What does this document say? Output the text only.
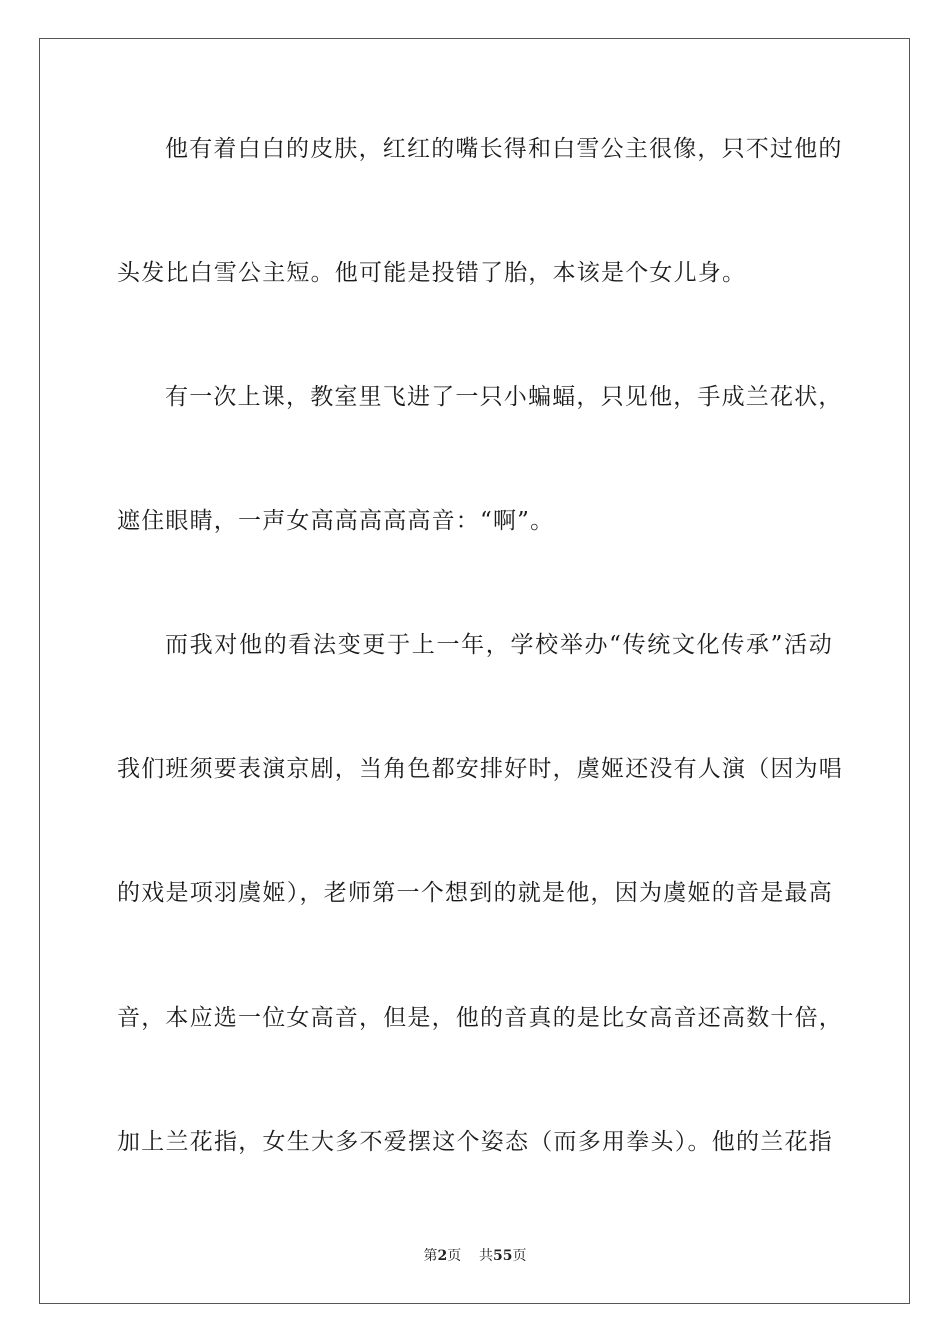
他有着白白的皮肤，红红的嘴长得和白雪公主很像，只不过他的
头发比白雪公主短。他可能是投错了胎，本该是个女儿身。
有一次上课，教室里飞进了一只小蝙蝠，只见他，手成兰花状，
遮住眼睛，一声女高高高高高音：“啊”。
而我对他的看法变更于上一年，学校举办“传统文化传承”活动
我们班须要表演京剧，当角色都安排好时，虞姬还没有人演（因为唱
的戏是项羽虞姬），老师第一个想到的就是他，因为虞姬的音是最高
音，本应选一位女高音，但是，他的音真的是比女高音还高数十倍，
加上兰花指，女生大多不爱摆这个姿态（而多用拳头）。他的兰花指
第2页 共55页
